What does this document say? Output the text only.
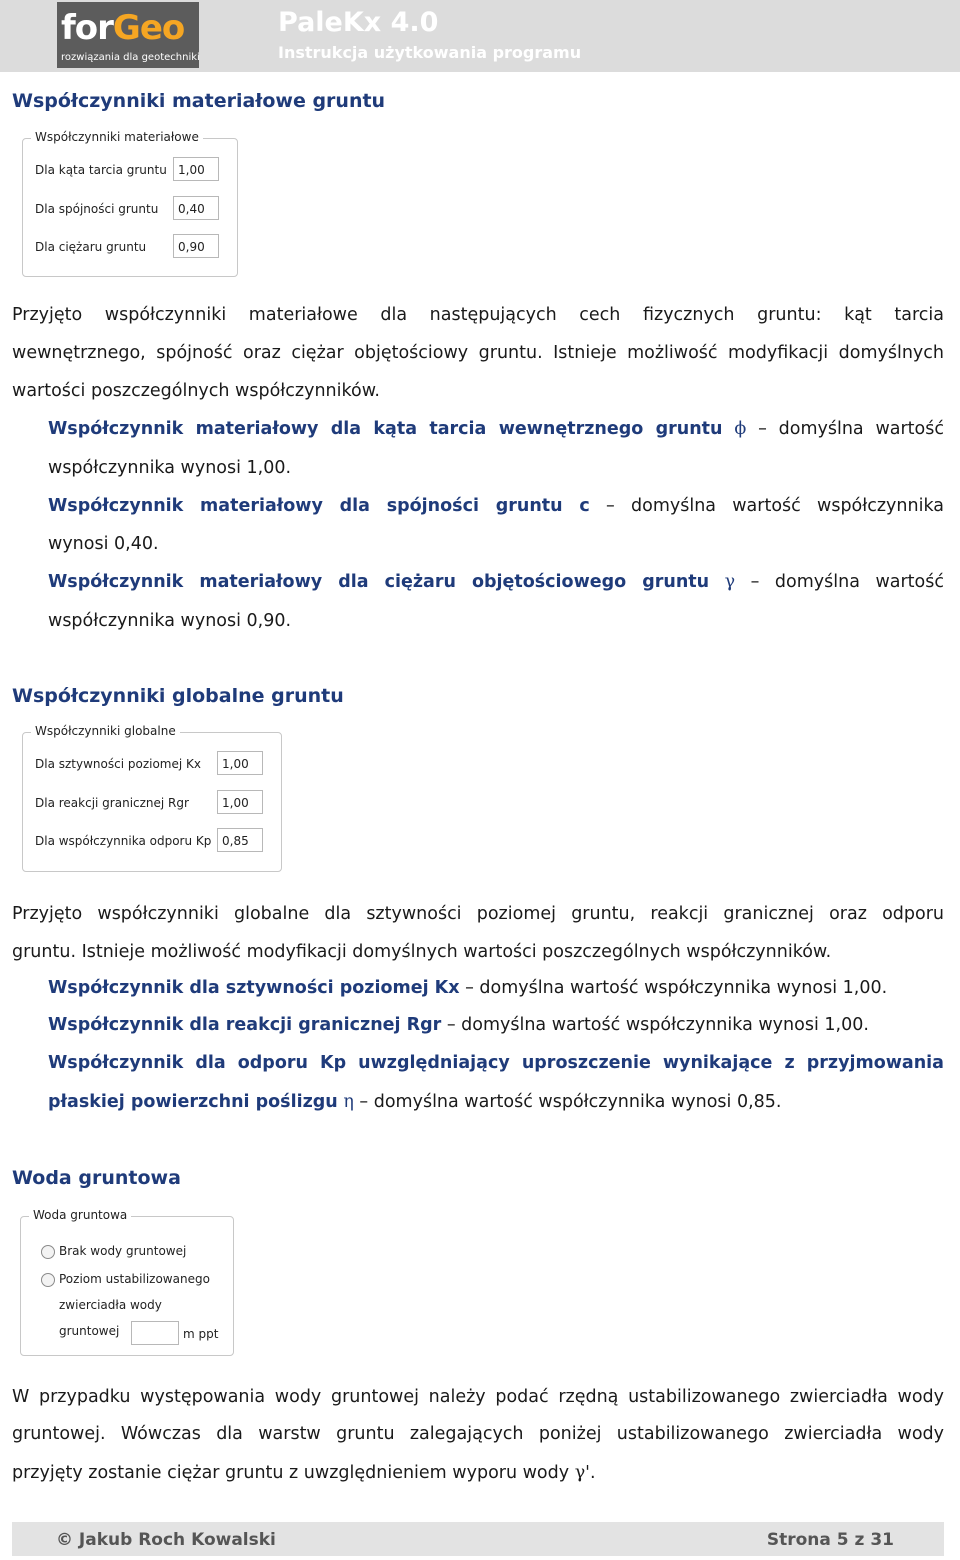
forGeo
rozwiązania dla geotechniki
PaleKx 4.0
Instrukcja użytkowania programu
Współczynniki materiałowe gruntu
Współczynniki materiałowe
Dla kąta tarcia gruntu 1,00
Dla spójności gruntu	0,40
Dla ciężaru gruntu	0,90
Przyjęto współczynniki materiałowe dla następujących cech fizycznych gruntu: kąt tarcia
wewnętrznego, spójność oraz ciężar objętościowy gruntu. Istnieje możliwość modyfikacji domyślnych
wartości poszczególnych współczynników.
Współczynnik materiałowy dla kąta tarcia wewnętrznego gruntu ϕ – domyślna wartość
współczynnika wynosi 1,00.
Współczynnik materiałowy dla spójności gruntu c – domyślna wartość współczynnika
wynosi 0,40.
Współczynnik materiałowy dla ciężaru objętościowego gruntu γ – domyślna wartość
współczynnika wynosi 0,90.
Współczynniki globalne gruntu
Współczynniki globalne
Dla sztywności poziomej Kx	1,00
Dla reakcji granicznej Rgr	1,00
Dla współczynnika odporu Kp 0,85
Przyjęto współczynniki globalne dla sztywności poziomej gruntu, reakcji granicznej oraz odporu
gruntu. Istnieje możliwość modyfikacji domyślnych wartości poszczególnych współczynników.
Współczynnik dla sztywności poziomej Kx – domyślna wartość współczynnika wynosi 1,00.
Współczynnik dla reakcji granicznej Rgr – domyślna wartość współczynnika wynosi 1,00.
Współczynnik dla odporu Kp uwzględniający uproszczenie wynikające z przyjmowania
płaskiej powierzchni poślizgu η – domyślna wartość współczynnika wynosi 0,85.
Woda gruntowa
Woda gruntowa
Brak wody gruntowej
Poziom ustabilizowanego
zwierciadła wody
gruntowej	m ppt
W przypadku występowania wody gruntowej należy podać rzędną ustabilizowanego zwierciadła wody
gruntowej. Wówczas dla warstw gruntu zalegających poniżej ustabilizowanego zwierciadła wody
przyjęty zostanie ciężar gruntu z uwzględnieniem wyporu wody γ'.
© Jakub Roch Kowalski	Strona 5 z 31
